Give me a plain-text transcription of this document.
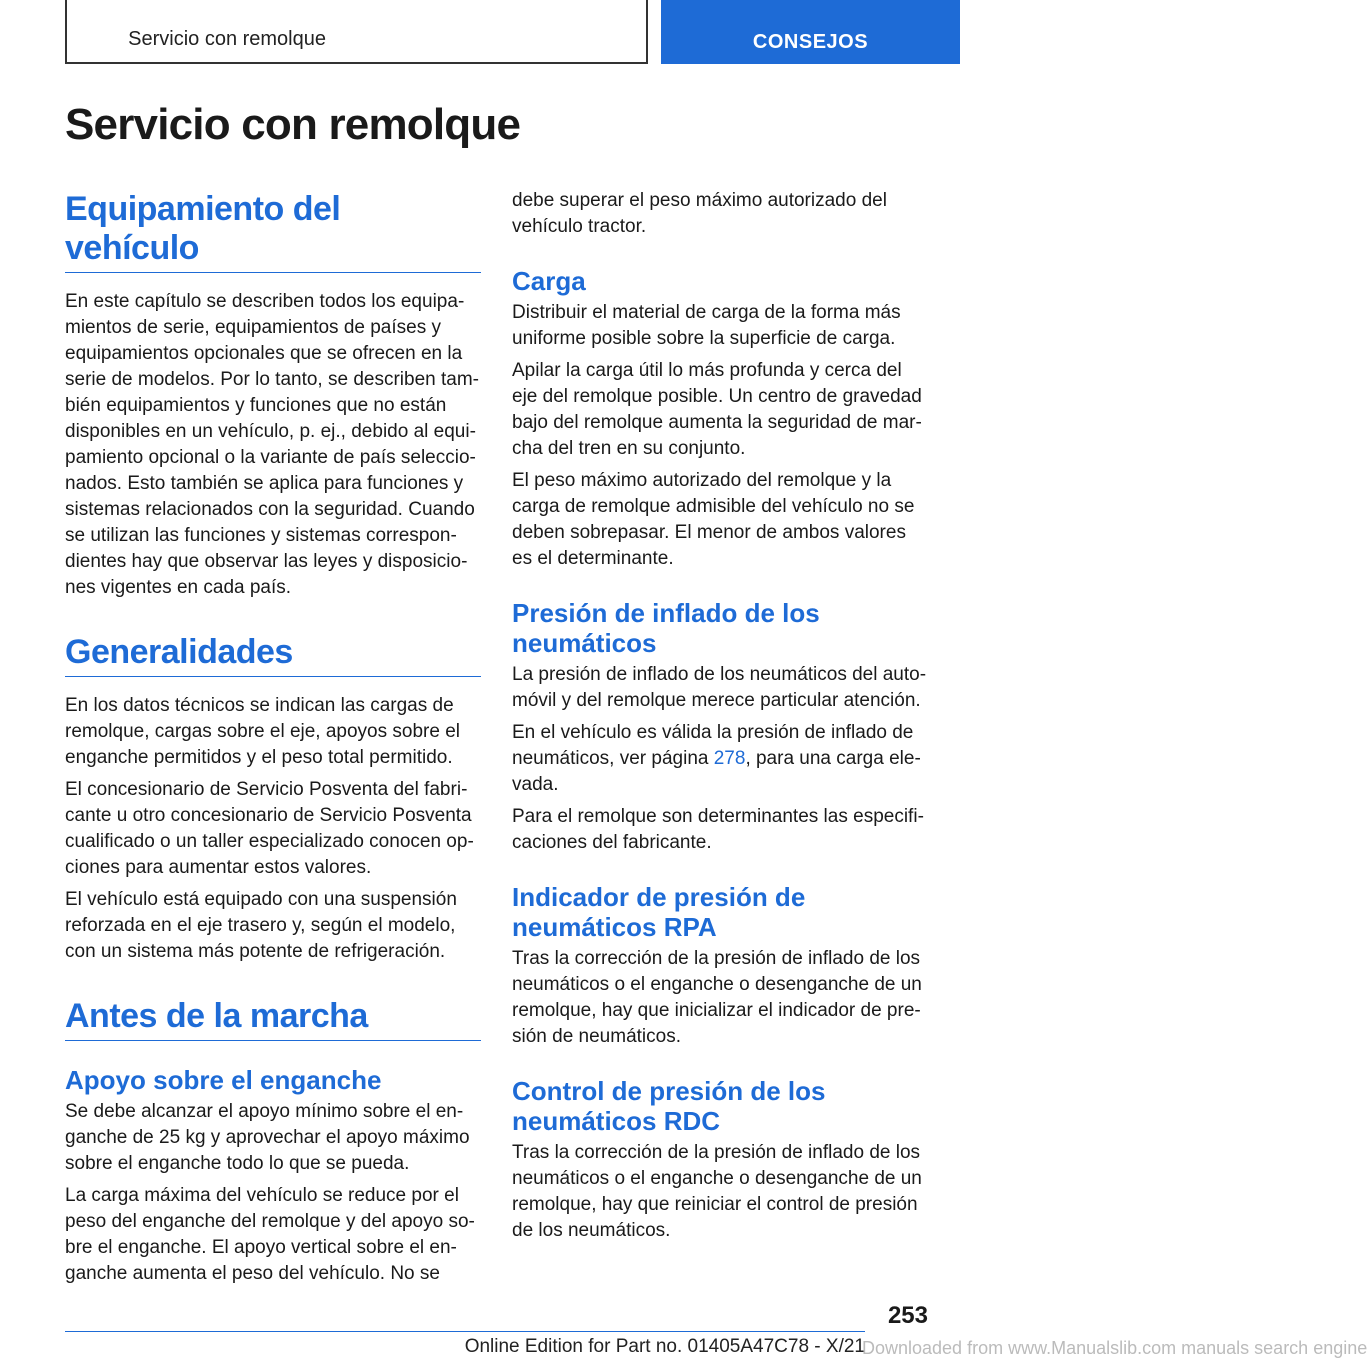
Servicio con remolque	CONSEJOS
Servicio con remolque
Equipamiento del vehículo

En este capítulo se describen todos los equipamientos de serie, equipamientos de países y equipamientos opcionales que se ofrecen en la serie de modelos. Por lo tanto, se describen también equipamientos y funciones que no están disponibles en un vehículo, p. ej., debido al equipamiento opcional o la variante de país seleccionados. Esto también se aplica para funciones y sistemas relacionados con la seguridad. Cuando se utilizan las funciones y sistemas correspondientes hay que observar las leyes y disposiciones vigentes en cada país.

Generalidades

En los datos técnicos se indican las cargas de remolque, cargas sobre el eje, apoyos sobre el enganche permitidos y el peso total permitido.

El concesionario de Servicio Posventa del fabricante u otro concesionario de Servicio Posventa cualificado o un taller especializado conocen opciones para aumentar estos valores.

El vehículo está equipado con una suspensión reforzada en el eje trasero y, según el modelo, con un sistema más potente de refrigeración.

Antes de la marcha
Apoyo sobre el enganche

Se debe alcanzar el apoyo mínimo sobre el enganche de 25 kg y aprovechar el apoyo máximo sobre el enganche todo lo que se pueda.

La carga máxima del vehículo se reduce por el peso del enganche del remolque y del apoyo sobre el enganche. El apoyo vertical sobre el enganche aumenta el peso del vehículo. No se

debe superar el peso máximo autorizado del vehículo tractor.

Carga

Distribuir el material de carga de la forma más uniforme posible sobre la superficie de carga.

Apilar la carga útil lo más profunda y cerca del eje del remolque posible. Un centro de gravedad bajo del remolque aumenta la seguridad de marcha del tren en su conjunto.

El peso máximo autorizado del remolque y la carga de remolque admisible del vehículo no se deben sobrepasar. El menor de ambos valores es el determinante.

Presión de inflado de los neumáticos

La presión de inflado de los neumáticos del automóvil y del remolque merece particular atención.

En el vehículo es válida la presión de inflado de neumáticos, ver página 278, para una carga elevada.

Para el remolque son determinantes las especificaciones del fabricante.

Indicador de presión de neumáticos RPA

Tras la corrección de la presión de inflado de los neumáticos o el enganche o desenganche de un remolque, hay que inicializar el indicador de presión de neumáticos.

Control de presión de los neumáticos RDC

Tras la corrección de la presión de inflado de los neumáticos o el enganche o desenganche de un remolque, hay que reiniciar el control de presión de los neumáticos.

253
Online Edition for Part no. 01405A47C78 - X/21
Downloaded from www.Manualslib.com manuals search engine
